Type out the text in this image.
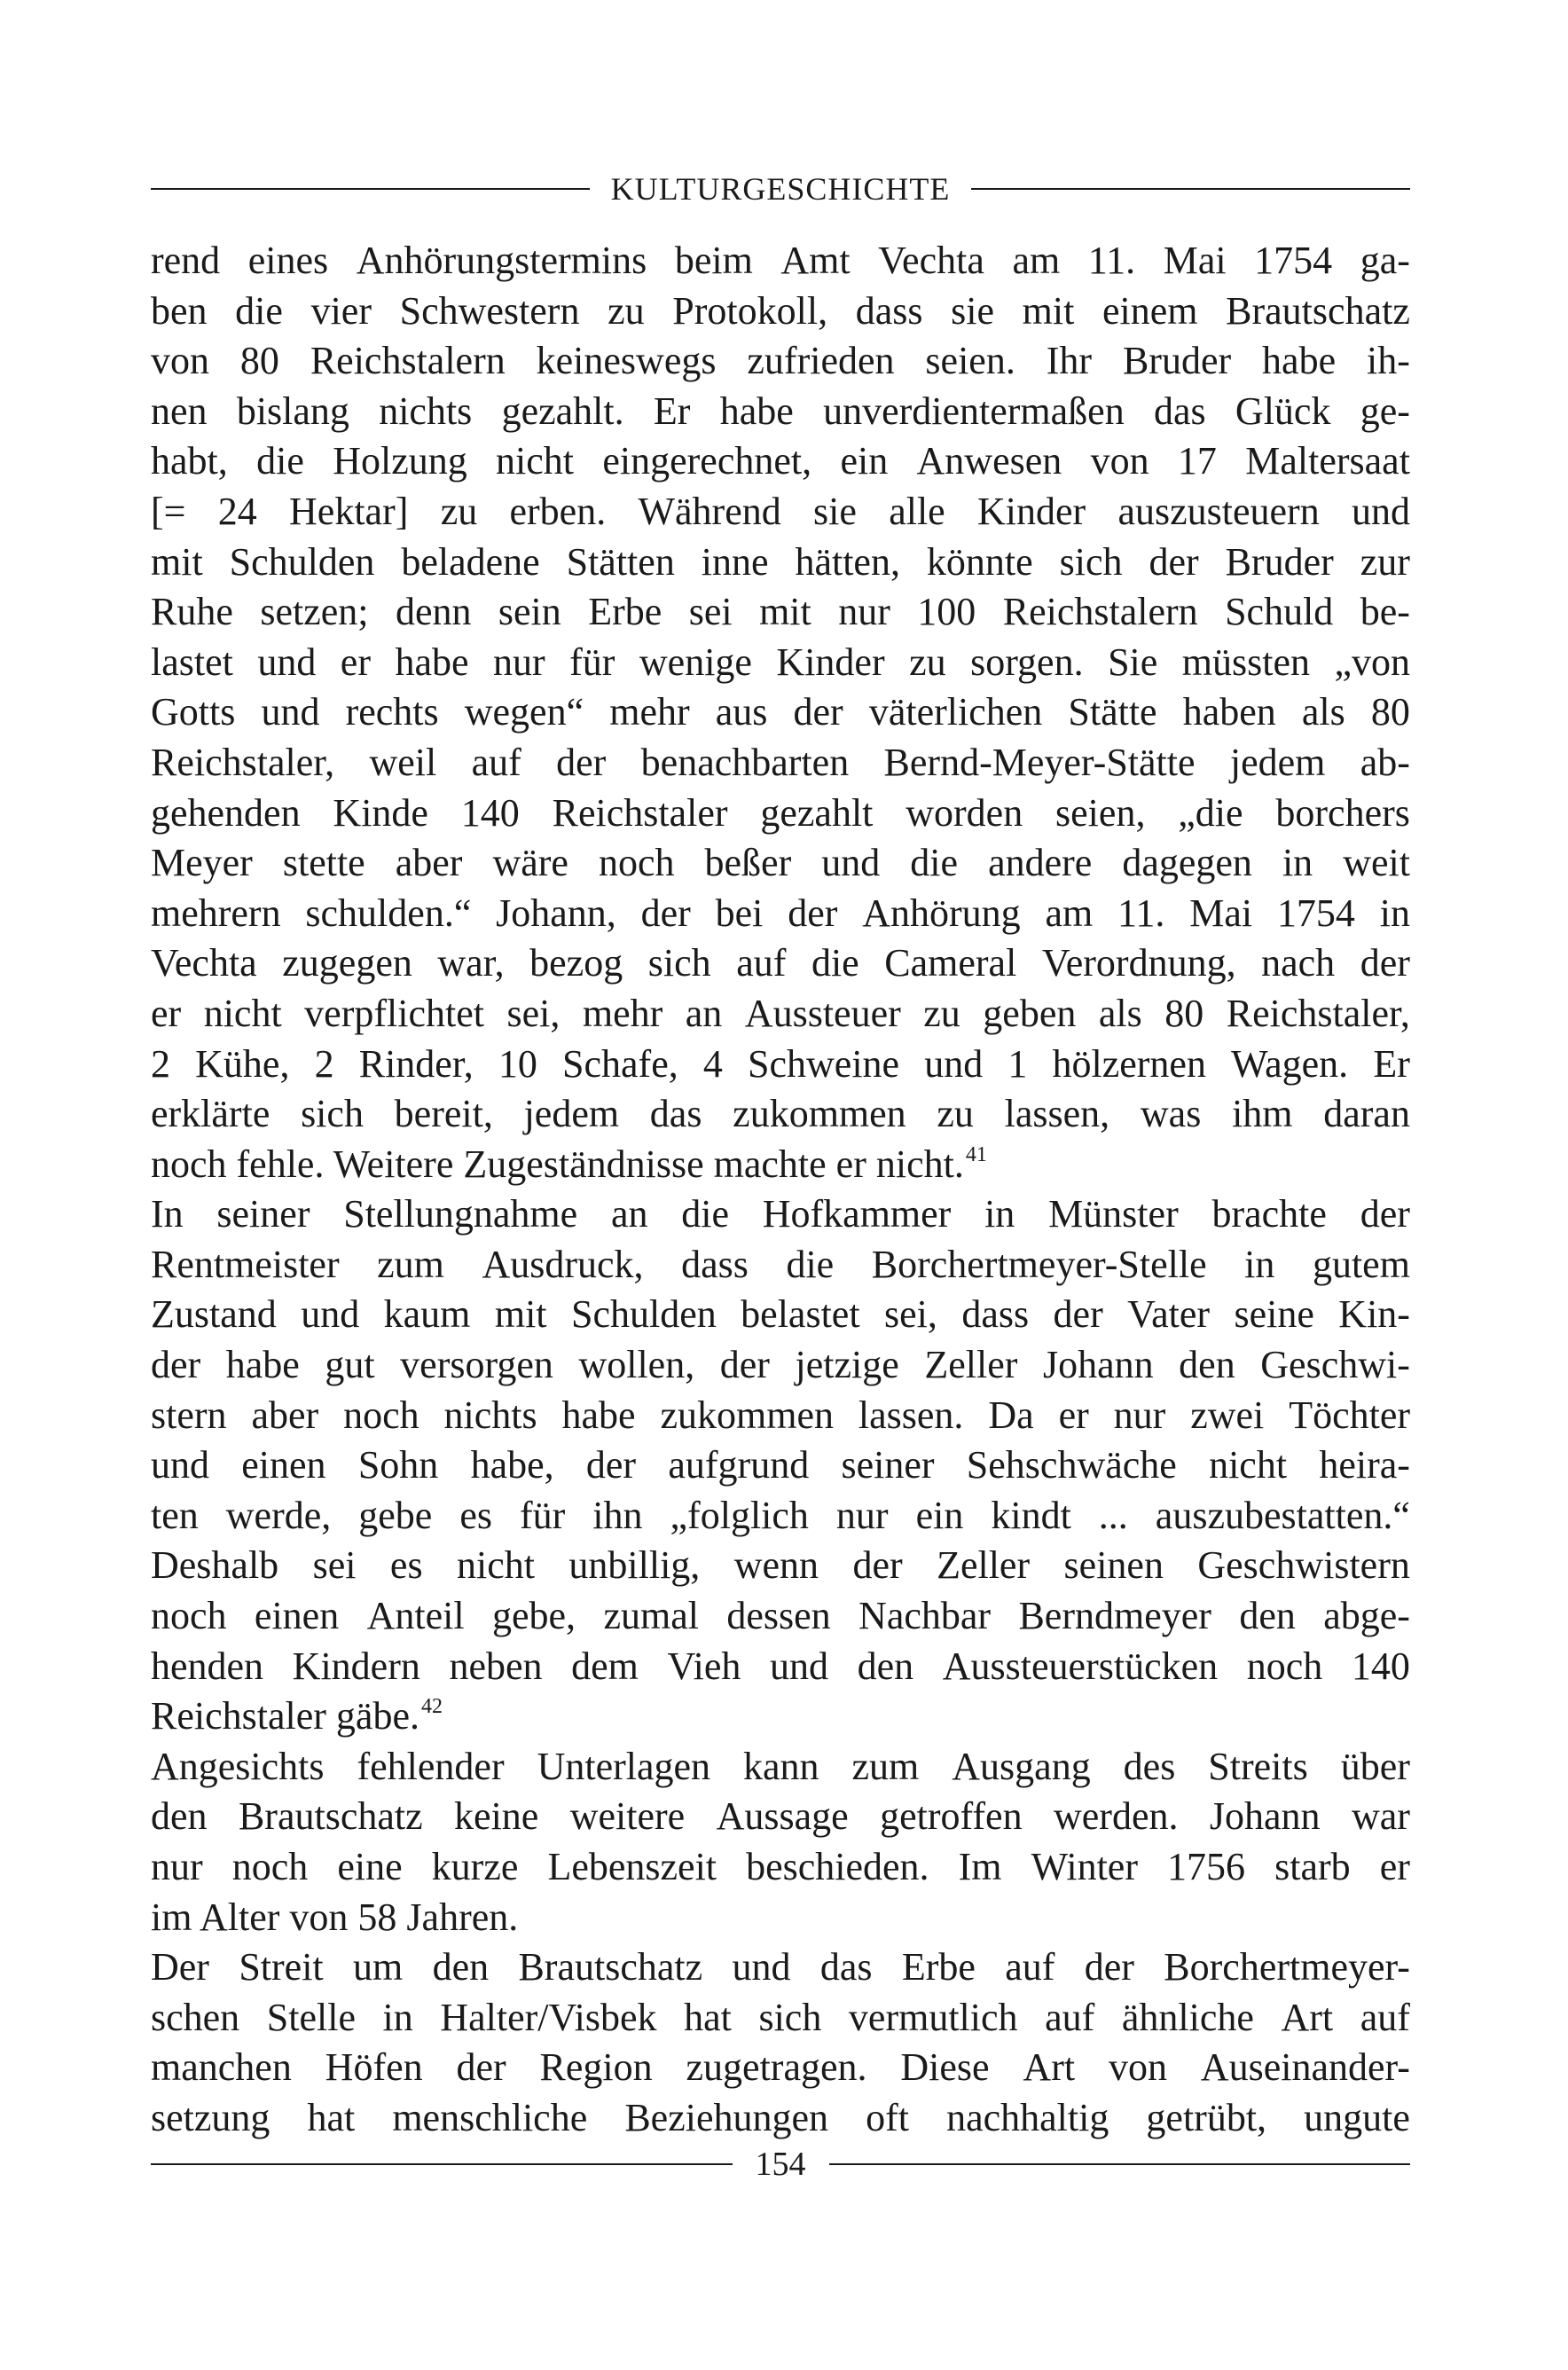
KULTURGESCHICHTE
rend eines Anhörungstermins beim Amt Vechta am 11. Mai 1754 ga-
ben die vier Schwestern zu Protokoll, dass sie mit einem Brautschatz
von 80 Reichstalern keineswegs zufrieden seien. Ihr Bruder habe ih-
nen bislang nichts gezahlt. Er habe unverdientermaßen das Glück ge-
habt, die Holzung nicht eingerechnet, ein Anwesen von 17 Maltersaat
[= 24 Hektar] zu erben. Während sie alle Kinder auszusteuern und
mit Schulden beladene Stätten inne hätten, könnte sich der Bruder zur
Ruhe setzen; denn sein Erbe sei mit nur 100 Reichstalern Schuld be-
lastet und er habe nur für wenige Kinder zu sorgen. Sie müssten „von
Gotts und rechts wegen“ mehr aus der väterlichen Stätte haben als 80
Reichstaler, weil auf der benachbarten Bernd-Meyer-Stätte jedem ab-
gehenden Kinde 140 Reichstaler gezahlt worden seien, „die borchers
Meyer stette aber wäre noch beßer und die andere dagegen in weit
mehrern schulden.“ Johann, der bei der Anhörung am 11. Mai 1754 in
Vechta zugegen war, bezog sich auf die Cameral Verordnung, nach der
er nicht verpflichtet sei, mehr an Aussteuer zu geben als 80 Reichstaler,
2 Kühe, 2 Rinder, 10 Schafe, 4 Schweine und 1 hölzernen Wagen. Er
erklärte sich bereit, jedem das zukommen zu lassen, was ihm daran
noch fehle. Weitere Zugeständnisse machte er nicht.$^{41}$
In seiner Stellungnahme an die Hofkammer in Münster brachte der
Rentmeister zum Ausdruck, dass die Borchertmeyer-Stelle in gutem
Zustand und kaum mit Schulden belastet sei, dass der Vater seine Kin-
der habe gut versorgen wollen, der jetzige Zeller Johann den Geschwi-
stern aber noch nichts habe zukommen lassen. Da er nur zwei Töchter
und einen Sohn habe, der aufgrund seiner Sehschwäche nicht heira-
ten werde, gebe es für ihn „folglich nur ein kindt ... auszubestatten.“
Deshalb sei es nicht unbillig, wenn der Zeller seinen Geschwistern
noch einen Anteil gebe, zumal dessen Nachbar Berndmeyer den abge-
henden Kindern neben dem Vieh und den Aussteuerstücken noch 140
Reichstaler gäbe.$^{42}$
Angesichts fehlender Unterlagen kann zum Ausgang des Streits über
den Brautschatz keine weitere Aussage getroffen werden. Johann war
nur noch eine kurze Lebenszeit beschieden. Im Winter 1756 starb er
im Alter von 58 Jahren.
Der Streit um den Brautschatz und das Erbe auf der Borchertmeyer-
schen Stelle in Halter/Visbek hat sich vermutlich auf ähnliche Art auf
manchen Höfen der Region zugetragen. Diese Art von Auseinander-
setzung hat menschliche Beziehungen oft nachhaltig getrübt, ungute
154
